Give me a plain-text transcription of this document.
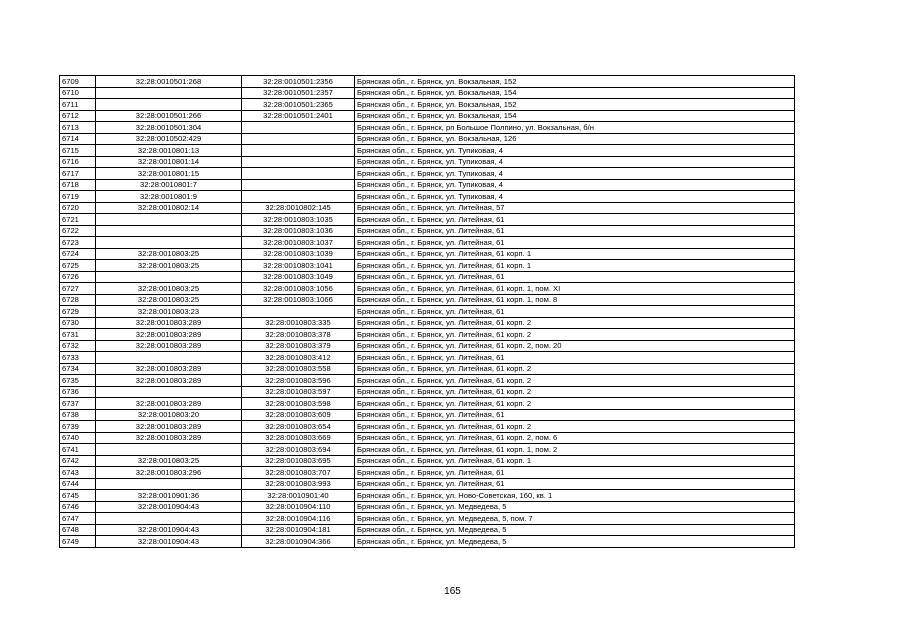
6709	32:28:0010501:268	32:28:0010501:2356	Брянская обл., г. Брянск, ул. Вокзальная, 152
6710		32:28:0010501:2357	Брянская обл., г. Брянск, ул. Вокзальная, 154
6711		32:28:0010501:2365	Брянская обл., г. Брянск, ул. Вокзальная, 152
6712	32:28:0010501:266	32:28:0010501:2401	Брянская обл., г. Брянск, ул. Вокзальная, 154
6713	32:28:0010501:304		Брянская обл., г. Брянск, рп Большое Полпино, ул. Вокзальная, б/н
6714	32:28:0010502:429		Брянская обл., г. Брянск, ул. Вокзальная, 126
6715	32:28:0010801:13		Брянская обл., г. Брянск, ул. Тупиковая, 4
6716	32:28:0010801:14		Брянская обл., г. Брянск, ул. Тупиковая, 4
6717	32:28:0010801:15		Брянская обл., г. Брянск, ул. Тупиковая, 4
6718	32:28:0010801:7		Брянская обл., г. Брянск, ул. Тупиковая, 4
6719	32:28:0010801:9		Брянская обл., г. Брянск, ул. Тупиковая, 4
6720	32:28:0010802:14	32:28:0010802:145	Брянская обл., г. Брянск, ул. Литейная, 57
6721		32:28:0010803:1035	Брянская обл., г. Брянск, ул. Литейная, 61
6722		32:28:0010803:1036	Брянская обл., г. Брянск, ул. Литейная, 61
6723		32:28:0010803:1037	Брянская обл., г. Брянск, ул. Литейная, 61
6724	32:28:0010803:25	32:28:0010803:1039	Брянская обл., г. Брянск, ул. Литейная, 61 корп. 1
6725	32:28:0010803:25	32:28:0010803:1041	Брянская обл., г. Брянск, ул. Литейная, 61 корп. 1
6726		32:28:0010803:1049	Брянская обл., г. Брянск, ул. Литейная, 61
6727	32:28:0010803:25	32:28:0010803:1056	Брянская обл., г. Брянск, ул. Литейная, 61 корп. 1, пом. XI
6728	32:28:0010803:25	32:28:0010803:1066	Брянская обл., г. Брянск, ул. Литейная, 61 корп. 1, пом. 8
6729	32:28:0010803:23		Брянская обл., г. Брянск, ул. Литейная, 61
6730	32:28:0010803:289	32:28:0010803:335	Брянская обл., г. Брянск, ул. Литейная, 61 корп. 2
6731	32:28:0010803:289	32:28:0010803:378	Брянская обл., г. Брянск, ул. Литейная, 61 корп. 2
6732	32:28:0010803:289	32:28:0010803:379	Брянская обл., г. Брянск, ул. Литейная, 61 корп. 2, пом. 20
6733		32:28:0010803:412	Брянская обл., г. Брянск, ул. Литейная, 61
6734	32:28:0010803:289	32:28:0010803:558	Брянская обл., г. Брянск, ул. Литейная, 61 корп. 2
6735	32:28:0010803:289	32:28:0010803:596	Брянская обл., г. Брянск, ул. Литейная, 61 корп. 2
6736		32:28:0010803:597	Брянская обл., г. Брянск, ул. Литейная, 61 корп. 2
6737	32:28:0010803:289	32:28:0010803:598	Брянская обл., г. Брянск, ул. Литейная, 61 корп. 2
6738	32:28:0010803:20	32:28:0010803:609	Брянская обл., г. Брянск, ул. Литейная, 61
6739	32:28:0010803:289	32:28:0010803:654	Брянская обл., г. Брянск, ул. Литейная, 61 корп. 2
6740	32:28:0010803:289	32:28:0010803:669	Брянская обл., г. Брянск, ул. Литейная, 61 корп. 2, пом. 6
6741		32:28:0010803:694	Брянская обл., г. Брянск, ул. Литейная, 61 корп. 1, пом. 2
6742	32:28:0010803:25	32:28:0010803:695	Брянская обл., г. Брянск, ул. Литейная, 61 корп. 1
6743	32:28:0010803:296	32:28:0010803:707	Брянская обл., г. Брянск, ул. Литейная, 61
6744		32:28:0010803:993	Брянская обл., г. Брянск, ул. Литейная, 61
6745	32:28:0010901:36	32:28:0010901:40	Брянская обл., г. Брянск, ул. Ново-Советская, 160, кв. 1
6746	32:28:0010904:43	32:28:0010904:110	Брянская обл., г. Брянск, ул. Медведева, 5
6747		32:28:0010904:116	Брянская обл., г. Брянск, ул. Медведева, 5, пом. 7
6748	32:28:0010904:43	32:28:0010904:181	Брянская обл., г. Брянск, ул. Медведева, 5
6749	32:28:0010904:43	32:28:0010904:366	Брянская обл., г. Брянск, ул. Медведева, 5
165
